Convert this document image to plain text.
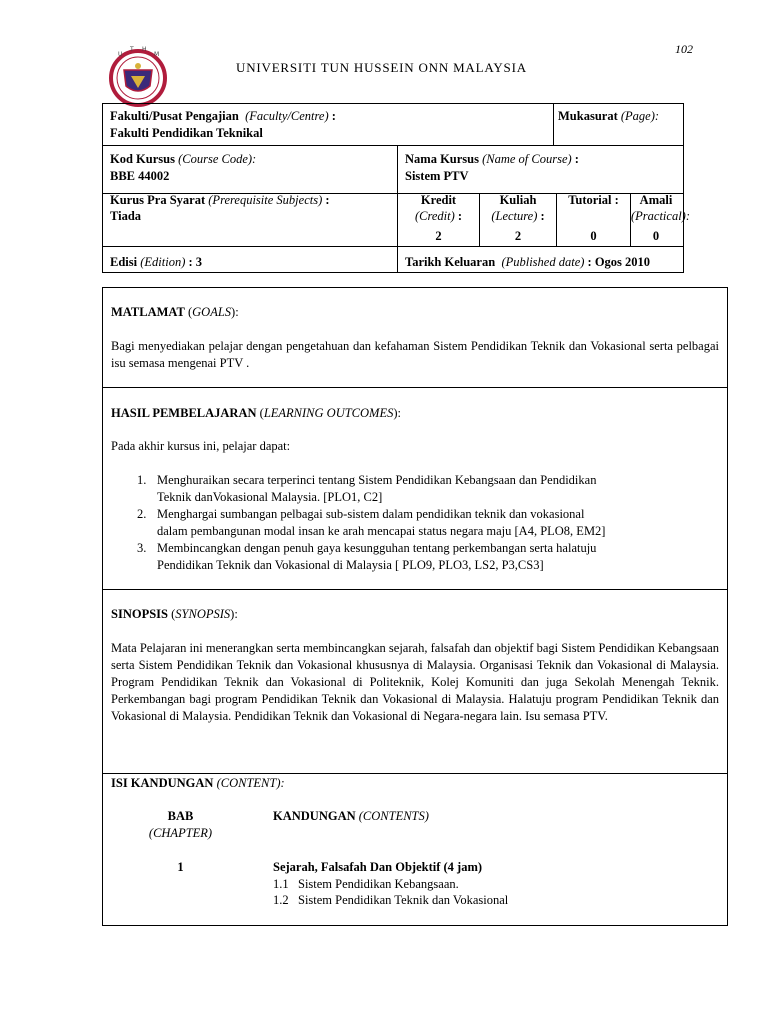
102
U
T H
M
UNIVERSITI TUN HUSSEIN ONN MALAYSIA
Fakulti/Pusat Pengajian (Faculty/Centre) :
Fakulti Pendidikan Teknikal
Mukasurat (Page):
Kod Kursus (Course Code):
BBE 44002
Nama Kursus (Name of Course) :
Sistem PTV
Kurus Pra Syarat (Prerequisite Subjects) :
Tiada
Kredit
(Credit) :
2
Kuliah
(Lecture) :
2
Tutorial :
0
Amali
(Practical):
0
Edisi (Edition) : 3	Tarikh Keluaran (Published date) : Ogos 2010
MATLAMAT (GOALS):
Bagi menyediakan pelajar dengan pengetahuan dan kefahaman Sistem Pendidikan Teknik dan Vokasional serta pelbagai isu semasa mengenai PTV .
HASIL PEMBELAJARAN (LEARNING OUTCOMES):
Pada akhir kursus ini, pelajar dapat:
1. Menghuraikan secara terperinci tentang Sistem Pendidikan Kebangsaan dan Pendidikan
Teknik danVokasional Malaysia. [PLO1, C2]
2. Menghargai sumbangan pelbagai sub-sistem dalam pendidikan teknik dan vokasional
dalam pembangunan modal insan ke arah mencapai status negara maju [A4, PLO8, EM2]
3. Membincangkan dengan penuh gaya kesungguhan tentang perkembangan serta halatuju
Pendidikan Teknik dan Vokasional di Malaysia [ PLO9, PLO3, LS2, P3,CS3]
SINOPSIS (SYNOPSIS):
Mata Pelajaran ini menerangkan serta membincangkan sejarah, falsafah dan objektif bagi Sistem Pendidikan Kebangsaan serta Sistem Pendidikan Teknik dan Vokasional khususnya di Malaysia. Organisasi Teknik dan Vokasional di Malaysia. Program Pendidikan Teknik dan Vokasional di Politeknik, Kolej Komuniti dan juga Sekolah Menengah Teknik. Perkembangan bagi program Pendidikan Teknik dan Vokasional di Malaysia. Halatuju program Pendidikan Teknik dan Vokasional di Malaysia. Pendidikan Teknik dan Vokasional di Negara-negara lain. Isu semasa PTV.
ISI KANDUNGAN (CONTENT):
BAB
(CHAPTER)
KANDUNGAN (CONTENTS)
1	Sejarah, Falsafah Dan Objektif (4 jam)
1.1 Sistem Pendidikan Kebangsaan.
1.2 Sistem Pendidikan Teknik dan Vokasional
